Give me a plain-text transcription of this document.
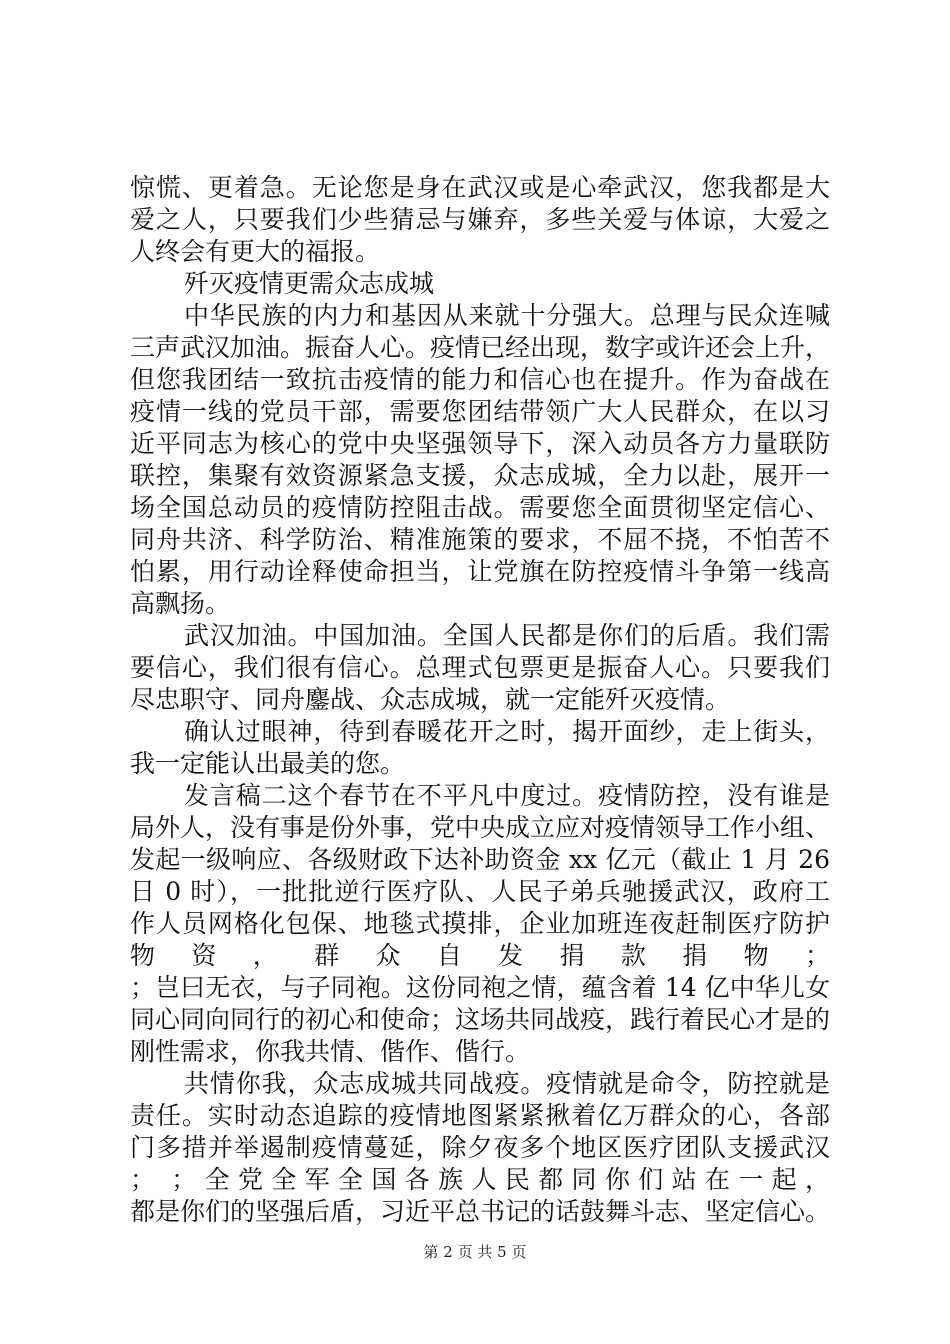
惊慌、更着急。无论您是身在武汉或是心牵武汉，您我都是大
爱之人，只要我们少些猜忌与嫌弃，多些关爱与体谅，大爱之
人终会有更大的福报。
歼灭疫情更需众志成城
中华民族的内力和基因从来就十分强大。总理与民众连喊
三声武汉加油。振奋人心。疫情已经出现，数字或许还会上升，
但您我团结一致抗击疫情的能力和信心也在提升。作为奋战在
疫情一线的党员干部，需要您团结带领广大人民群众，在以习
近平同志为核心的党中央坚强领导下，深入动员各方力量联防
联控，集聚有效资源紧急支援，众志成城，全力以赴，展开一
场全国总动员的疫情防控阻击战。需要您全面贯彻坚定信心、
同舟共济、科学防治、精准施策的要求，不屈不挠，不怕苦不
怕累，用行动诠释使命担当，让党旗在防控疫情斗争第一线高
高飘扬。
武汉加油。中国加油。全国人民都是你们的后盾。我们需
要信心，我们很有信心。总理式包票更是振奋人心。只要我们
尽忠职守、同舟鏖战、众志成城，就一定能歼灭疫情。
确认过眼神，待到春暖花开之时，揭开面纱，走上街头，
我一定能认出最美的您。
发言稿二这个春节在不平凡中度过。疫情防控，没有谁是
局外人，没有事是份外事，党中央成立应对疫情领导工作小组、
发起一级响应、各级财政下达补助资金 xx 亿元（截止 1 月 26
日 0 时），一批批逆行医疗队、人民子弟兵驰援武汉，政府工
作人员网格化包保、地毯式摸排，企业加班连夜赶制医疗防护
物 资 ， 群 众 自 发 捐 款 捐 物 ；
；岂曰无衣，与子同袍。这份同袍之情，蕴含着 14 亿中华儿女
同心同向同行的初心和使命；这场共同战疫，践行着民心才是的
刚性需求，你我共情、偕作、偕行。
共情你我，众志成城共同战疫。疫情就是命令，防控就是
责任。实时动态追踪的疫情地图紧紧揪着亿万群众的心，各部
门多措并举遏制疫情蔓延，除夕夜多个地区医疗团队支援武汉
； ；全党全军全国各族人民都同你们站在一起，
都是你们的坚强后盾，习近平总书记的话鼓舞斗志、坚定信心。
第 2 页 共 5 页
